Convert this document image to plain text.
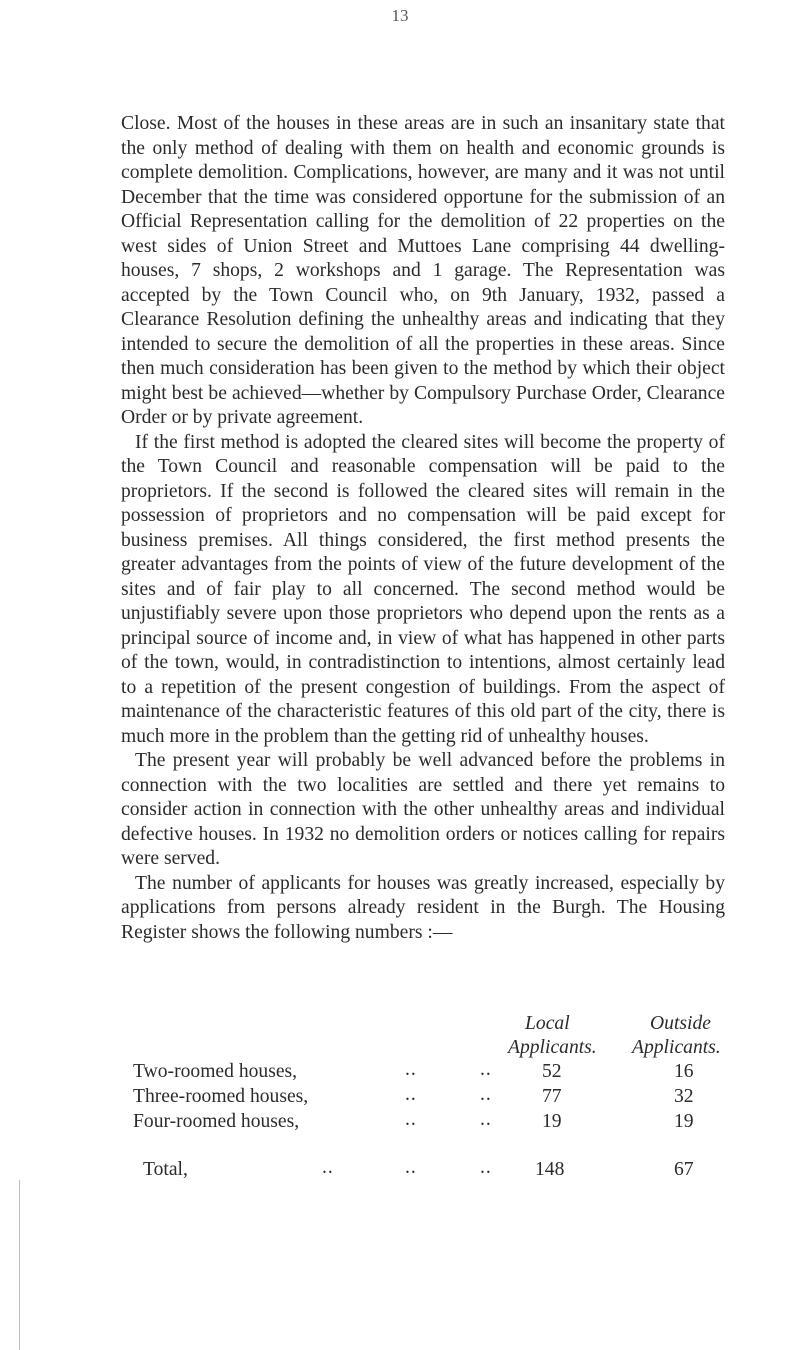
13

Close. Most of the houses in these areas are in such an insanitary state that the only method of dealing with them on health and economic grounds is complete demolition. Complications, however, are many and it was not until December that the time was considered opportune for the submission of an Official Representation calling for the demolition of 22 properties on the west sides of Union Street and Muttoes Lane comprising 44 dwelling-houses, 7 shops, 2 workshops and 1 garage. The Representation was accepted by the Town Council who, on 9th January, 1932, passed a Clearance Resolution defining the unhealthy areas and indicating that they intended to secure the demolition of all the properties in these areas. Since then much consideration has been given to the method by which their object might best be achieved—whether by Compulsory Purchase Order, Clearance Order or by private agreement.

If the first method is adopted the cleared sites will become the property of the Town Council and reasonable compensation will be paid to the proprietors. If the second is followed the cleared sites will remain in the possession of proprietors and no compensation will be paid except for business premises. All things considered, the first method presents the greater advantages from the points of view of the future development of the sites and of fair play to all concerned. The second method would be unjustifiably severe upon those proprietors who depend upon the rents as a principal source of income and, in view of what has happened in other parts of the town, would, in contradistinction to intentions, almost certainly lead to a repetition of the present congestion of buildings. From the aspect of maintenance of the characteristic features of this old part of the city, there is much more in the problem than the getting rid of unhealthy houses.

The present year will probably be well advanced before the problems in connection with the two localities are settled and there yet remains to consider action in connection with the other unhealthy areas and individual defective houses. In 1932 no demolition orders or notices calling for repairs were served.

The number of applicants for houses was greatly increased, especially by applications from persons already resident in the Burgh. The Housing Register shows the following numbers :—

Local
Applicants.
Outside
Applicants.
Two-roomed houses,	..	..	52	16
Three-roomed houses,	..	..	77	32
Four-roomed houses,	..	..	19	19
Total,	..	..	.. 148	67
